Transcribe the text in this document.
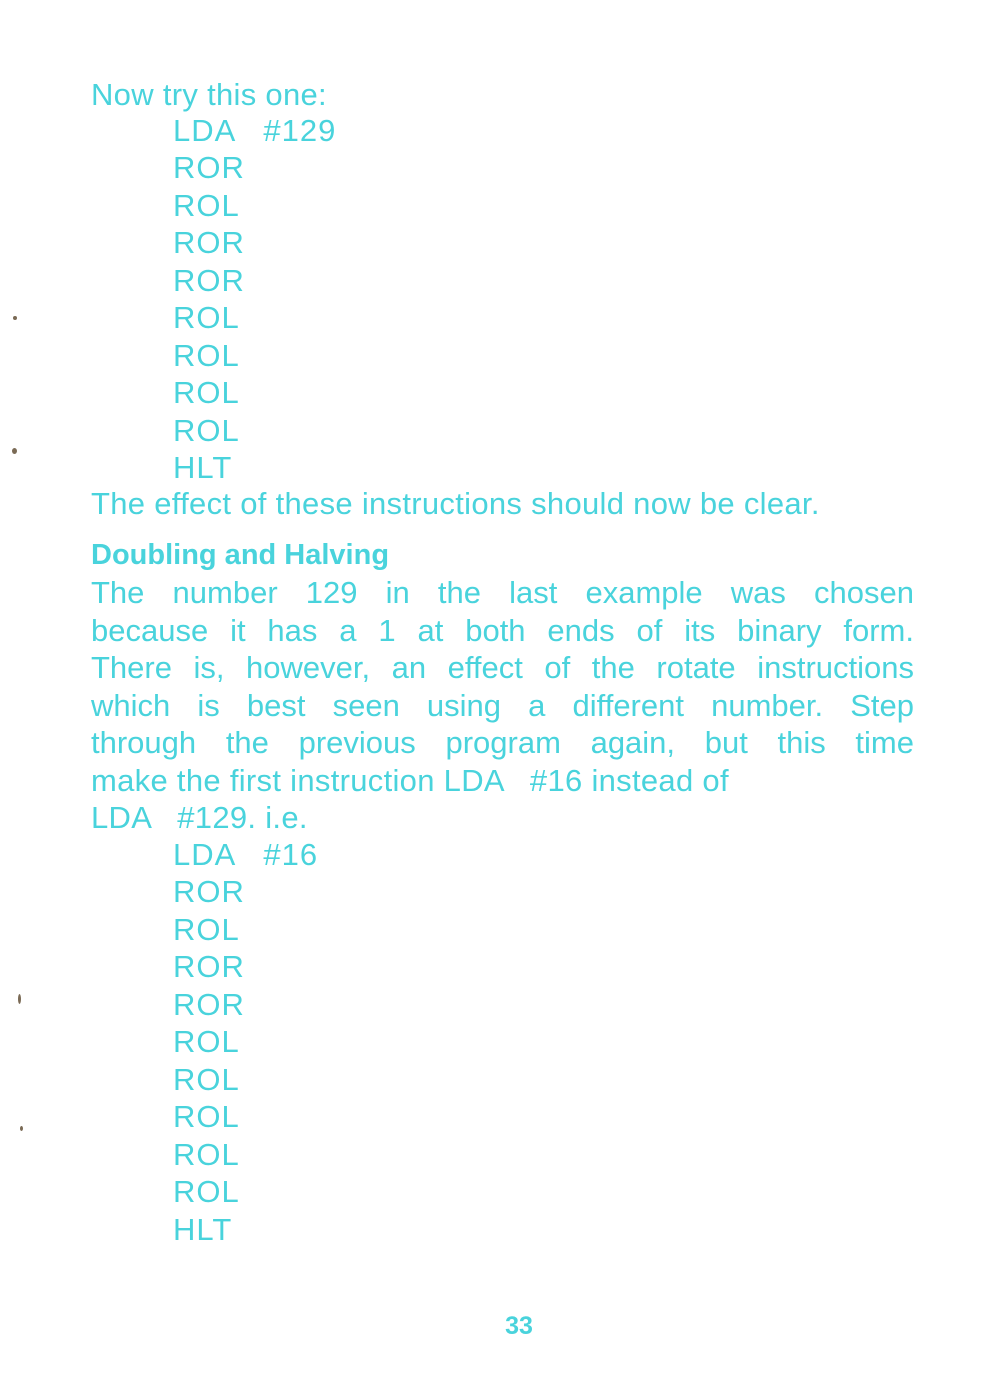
Now try this one:
LDA   #129
ROR
ROL
ROR
ROR
ROL
ROL
ROL
ROL
HLT
The effect of these instructions should now be clear.
Doubling and Halving
The number 129 in the last example was chosen
because it has a 1 at both ends of its binary form.
There is, however, an effect of the rotate instructions
which is best seen using a different number. Step
through the previous program again, but this time
make the first instruction LDA   #16 instead of
LDA   #129. i.e.
LDA   #16
ROR
ROL
ROR
ROR
ROL
ROL
ROL
ROL
ROL
HLT
33
